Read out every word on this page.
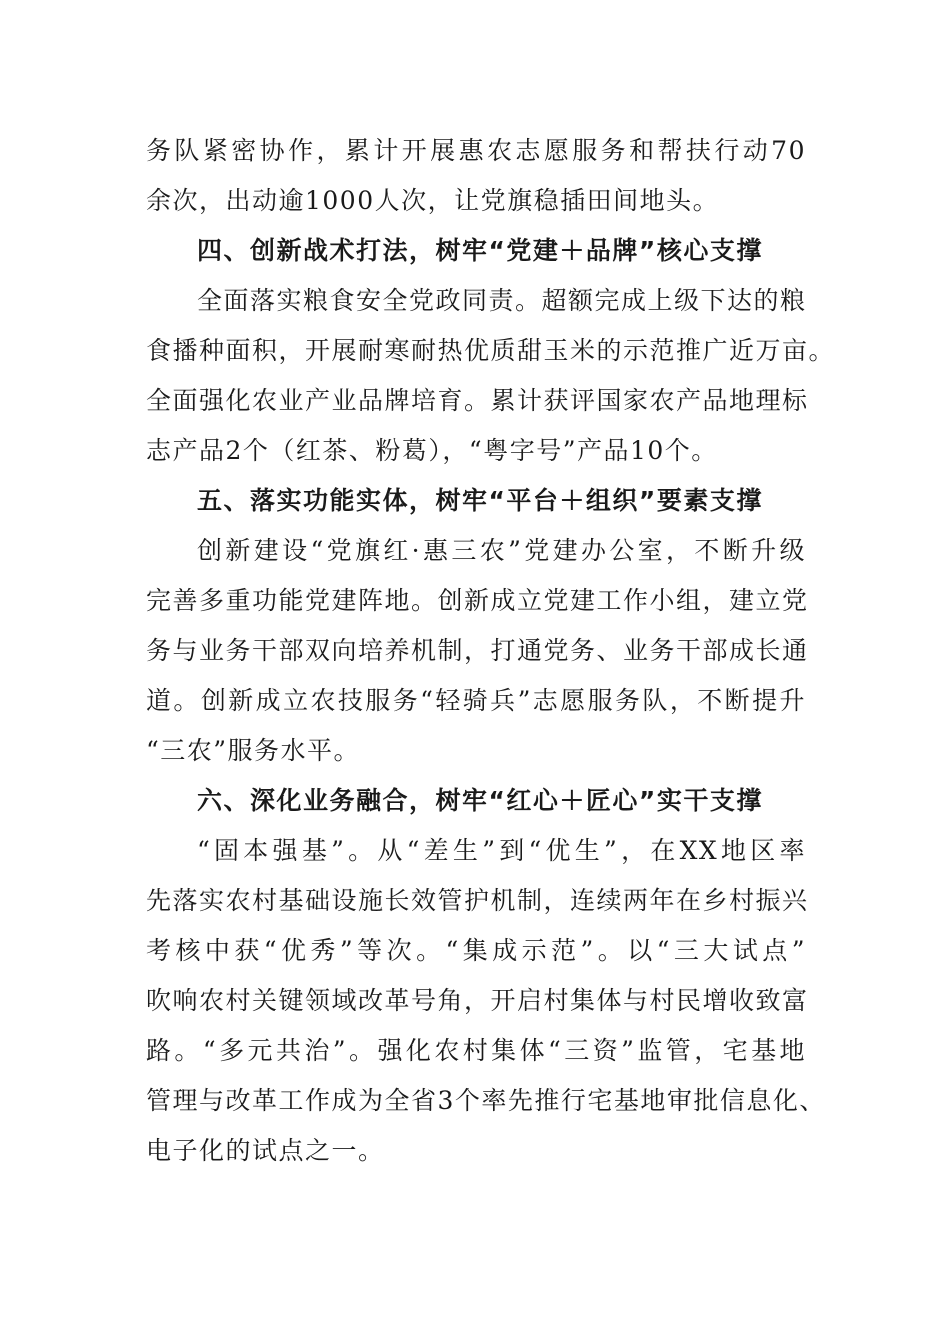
务队紧密协作，累计开展惠农志愿服务和帮扶行动70
余次，出动逾1000人次，让党旗稳插田间地头。
四、创新战术打法，树牢“党建＋品牌”核心支撑
全面落实粮食安全党政同责。超额完成上级下达的粮
食播种面积，开展耐寒耐热优质甜玉米的示范推广近万亩。
全面强化农业产业品牌培育。累计获评国家农产品地理标
志产品2个（红茶、粉葛），“粤字号”产品10个。
五、落实功能实体，树牢“平台＋组织”要素支撑
创新建设“党旗红·惠三农”党建办公室，不断升级
完善多重功能党建阵地。创新成立党建工作小组，建立党
务与业务干部双向培养机制，打通党务、业务干部成长通
道。创新成立农技服务“轻骑兵”志愿服务队，不断提升
“三农”服务水平。
六、深化业务融合，树牢“红心＋匠心”实干支撑
“固本强基”。从“差生”到“优生”，在XX地区率
先落实农村基础设施长效管护机制，连续两年在乡村振兴
考核中获“优秀”等次。“集成示范”。以“三大试点”
吹响农村关键领域改革号角，开启村集体与村民增收致富
路。“多元共治”。强化农村集体“三资”监管，宅基地
管理与改革工作成为全省3个率先推行宅基地审批信息化、
电子化的试点之一。
